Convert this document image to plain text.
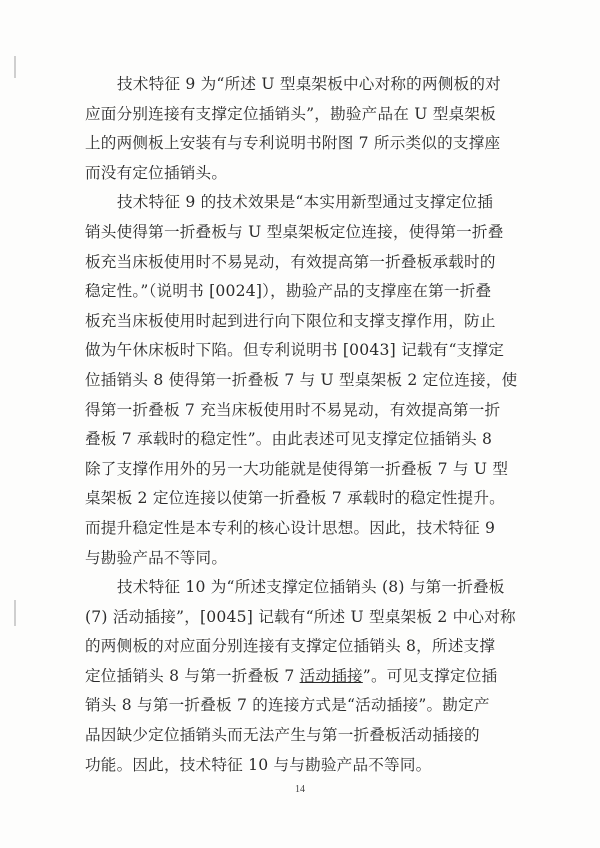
技术特征 9 为“所述 U 型桌架板中心对称的两侧板的对
应面分别连接有支撑定位插销头”，勘验产品在 U 型桌架板
上的两侧板上安装有与专利说明书附图 7 所示类似的支撑座
而没有定位插销头。
技术特征 9 的技术效果是“本实用新型通过支撑定位插
销头使得第一折叠板与 U 型桌架板定位连接，使得第一折叠
板充当床板使用时不易晃动，有效提高第一折叠板承载时的
稳定性。”（说明书 [0024]），勘验产品的支撑座在第一折叠
板充当床板使用时起到进行向下限位和支撑支撑作用，防止
做为午休床板时下陷。但专利说明书 [0043] 记载有“支撑定
位插销头 8 使得第一折叠板 7 与 U 型桌架板 2 定位连接，使
得第一折叠板 7 充当床板使用时不易晃动，有效提高第一折
叠板 7 承载时的稳定性”。由此表述可见支撑定位插销头 8
除了支撑作用外的另一大功能就是使得第一折叠板 7 与 U 型
桌架板 2 定位连接以使第一折叠板 7 承载时的稳定性提升。
而提升稳定性是本专利的核心设计思想。因此，技术特征 9
与勘验产品不等同。
技术特征 10 为“所述支撑定位插销头 (8) 与第一折叠板
(7) 活动插接”，[0045] 记载有“所述 U 型桌架板 2 中心对称
的两侧板的对应面分别连接有支撑定位插销头 8，所述支撑
定位插销头 8 与第一折叠板 7 活动插接”。可见支撑定位插
销头 8 与第一折叠板 7 的连接方式是“活动插接”。勘定产
品因缺少定位插销头而无法产生与第一折叠板活动插接的
功能。因此，技术特征 10 与与勘验产品不等同。
14
